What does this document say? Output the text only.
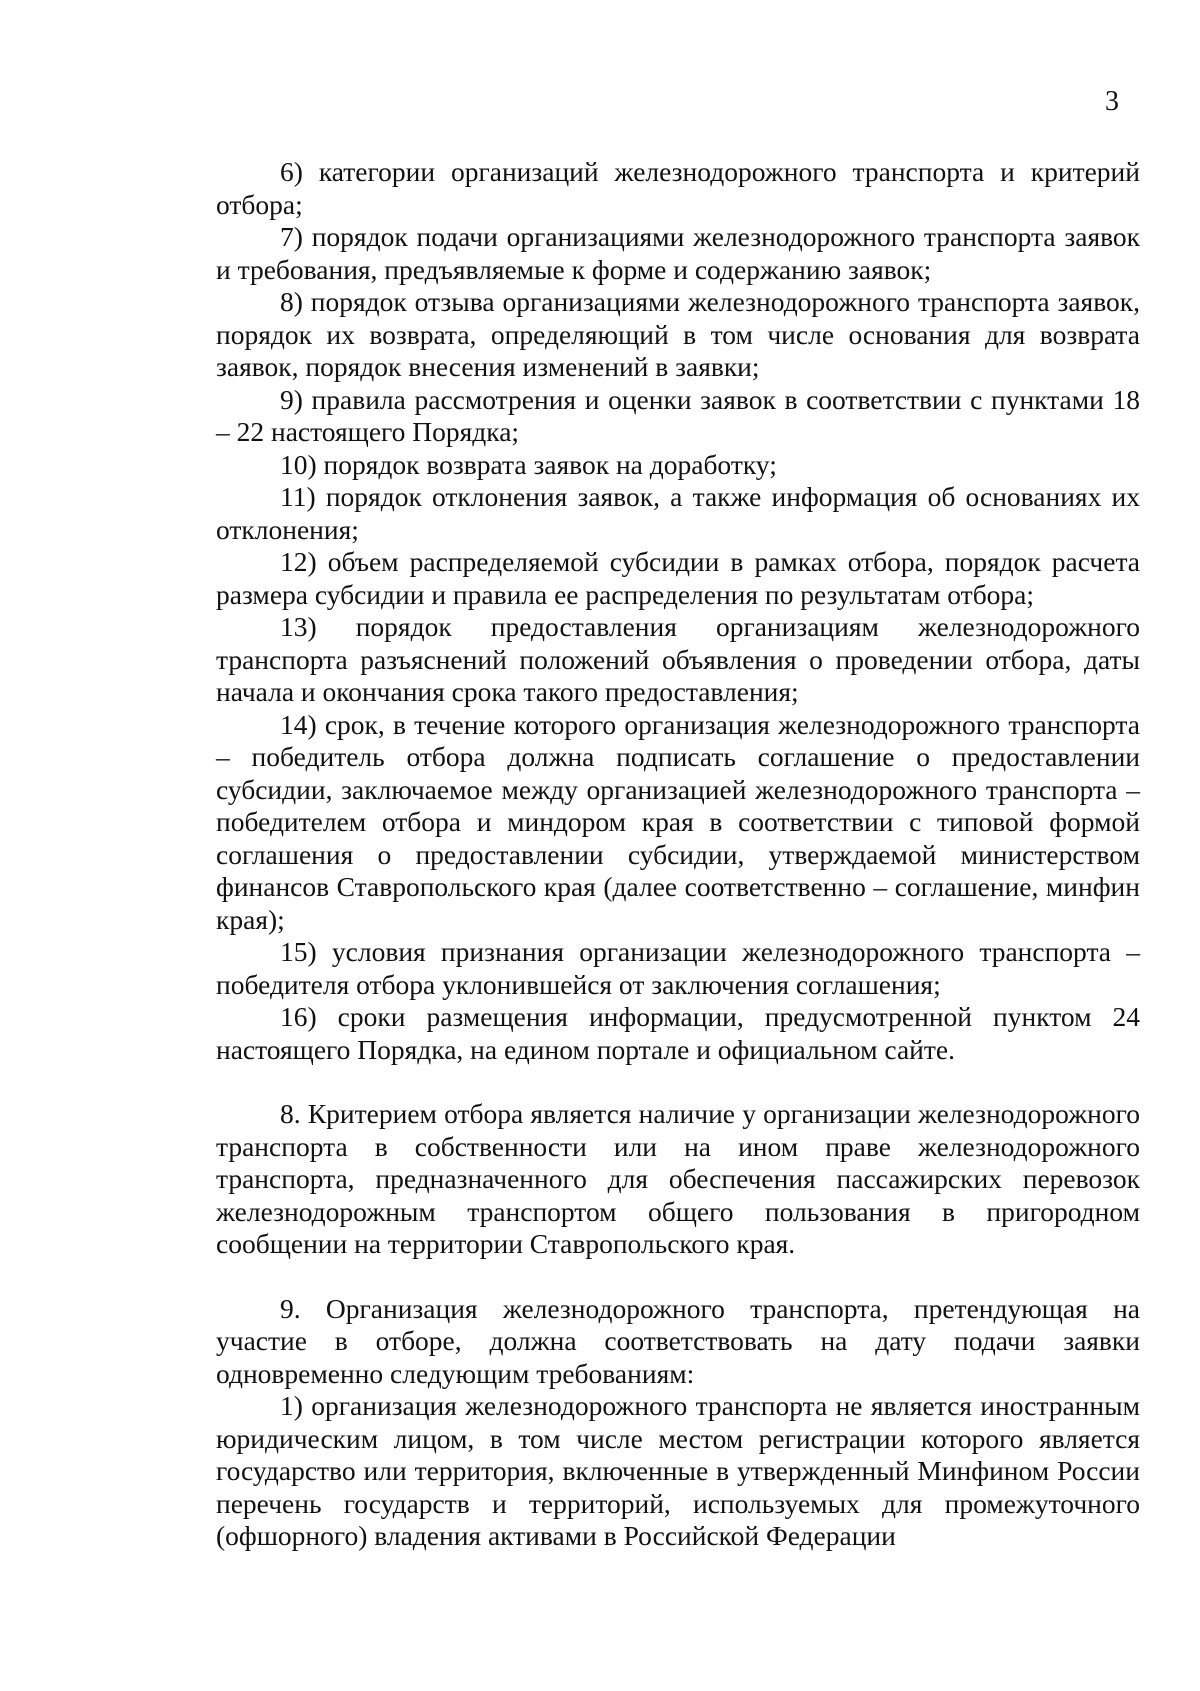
3

6) категории организаций железнодорожного транспорта и критерий отбора;

7) порядок подачи организациями железнодорожного транспорта заявок и требования, предъявляемые к форме и содержанию заявок;

8) порядок отзыва организациями железнодорожного транспорта заявок, порядок их возврата, определяющий в том числе основания для возврата заявок, порядок внесения изменений в заявки;

9) правила рассмотрения и оценки заявок в соответствии с пунктами 18 – 22 настоящего Порядка;

10) порядок возврата заявок на доработку;

11) порядок отклонения заявок, а также информация об основаниях их отклонения;

12) объем распределяемой субсидии в рамках отбора, порядок расчета размера субсидии и правила ее распределения по результатам отбора;

13) порядок предоставления организациям железнодорожного транспорта разъяснений положений объявления о проведении отбора, даты начала и окончания срока такого предоставления;

14) срок, в течение которого организация железнодорожного транспорта – победитель отбора должна подписать соглашение о предоставлении субсидии, заключаемое между организацией железнодорожного транспорта – победителем отбора и миндором края в соответствии с типовой формой соглашения о предоставлении субсидии, утверждаемой министерством финансов Ставропольского края (далее соответственно – соглашение, минфин края);

15) условия признания организации железнодорожного транспорта – победителя отбора уклонившейся от заключения соглашения;

16) сроки размещения информации, предусмотренной пунктом 24 настоящего Порядка, на едином портале и официальном сайте.

8. Критерием отбора является наличие у организации железнодорожного транспорта в собственности или на ином праве железнодорожного транспорта, предназначенного для обеспечения пассажирских перевозок железнодорожным транспортом общего пользования в пригородном сообщении на территории Ставропольского края.

9. Организация железнодорожного транспорта, претендующая на участие в отборе, должна соответствовать на дату подачи заявки одновременно следующим требованиям:

1) организация железнодорожного транспорта не является иностранным юридическим лицом, в том числе местом регистрации которого является государство или территория, включенные в утвержденный Минфином России перечень государств и территорий, используемых для промежуточного (офшорного) владения активами в Российской Федерации
